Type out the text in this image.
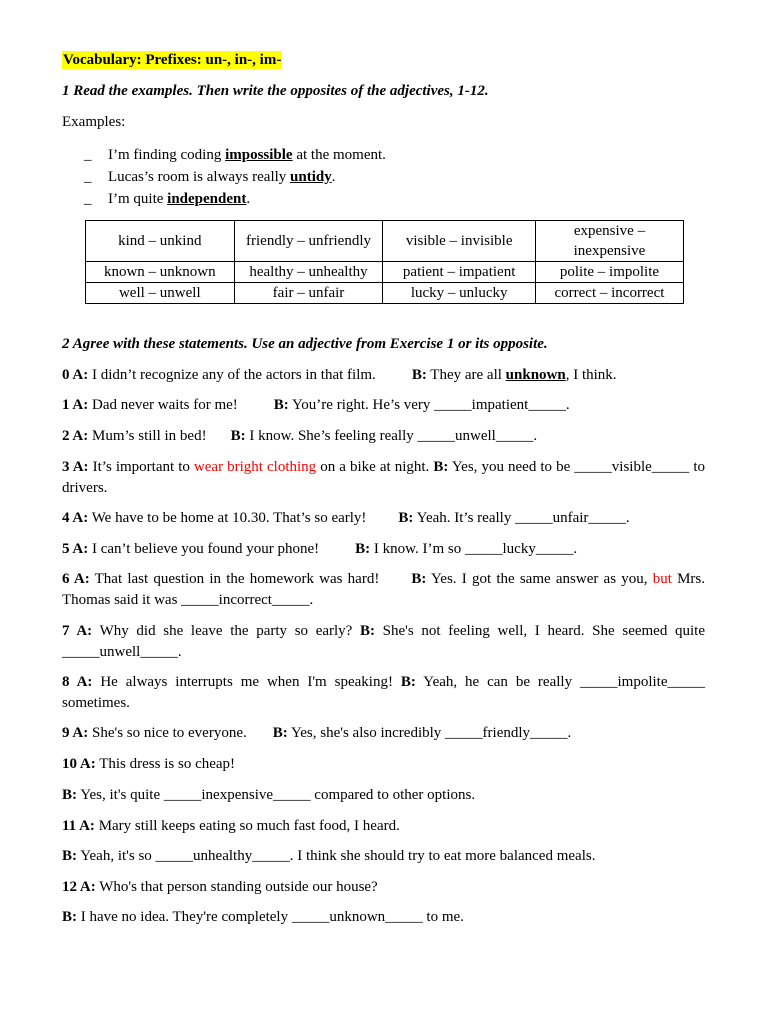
Vocabulary: Prefixes: un-, in-, im-
1 Read the examples. Then write the opposites of the adjectives, 1-12.
Examples:
_ I’m finding coding impossible at the moment.
_ Lucas’s room is always really untidy.
_ I’m quite independent.
kind – unkind	friendly – unfriendly	visible – invisible	expensive – inexpensive
known – unknown	healthy – unhealthy	patient – impatient	polite – impolite
well – unwell	fair – unfair	lucky – unlucky	correct – incorrect
2 Agree with these statements. Use an adjective from Exercise 1 or its opposite.
0 A: I didn’t recognize any of the actors in that film. B: They are all unknown, I think.
1 A: Dad never waits for me! B: You’re right. He’s very _____impatient_____.
2 A: Mum’s still in bed! B: I know. She’s feeling really _____unwell_____.
3 A: It’s important to wear bright clothing on a bike at night. B: Yes, you need to be _____visible_____ to drivers.
4 A: We have to be home at 10.30. That’s so early! B: Yeah. It’s really _____unfair_____.
5 A: I can’t believe you found your phone! B: I know. I’m so _____lucky_____.
6 A: That last question in the homework was hard! B: Yes. I got the same answer as you, but Mrs. Thomas said it was _____incorrect_____.
7 A: Why did she leave the party so early? B: She's not feeling well, I heard. She seemed quite _____unwell_____.
8 A: He always interrupts me when I'm speaking! B: Yeah, he can be really _____impolite_____ sometimes.
9 A: She's so nice to everyone. B: Yes, she's also incredibly _____friendly_____.
10 A: This dress is so cheap!
B: Yes, it's quite _____inexpensive_____ compared to other options.
11 A: Mary still keeps eating so much fast food, I heard.
B: Yeah, it's so _____unhealthy_____. I think she should try to eat more balanced meals.
12 A: Who's that person standing outside our house?
B: I have no idea. They're completely _____unknown_____ to me.
